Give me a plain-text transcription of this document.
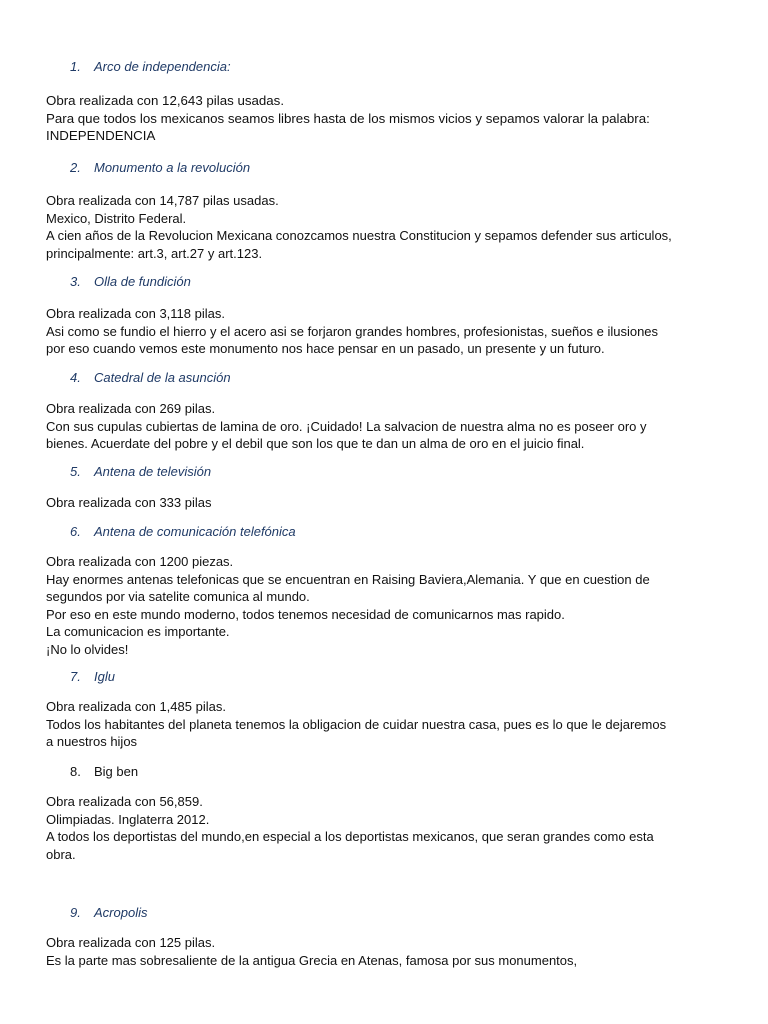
1. Arco de independencia:

Obra realizada con 12,643 pilas usadas.

Para que todos los mexicanos seamos libres hasta de los mismos vicios y sepamos valorar la palabra:

INDEPENDENCIA

2. Monumento a la revolución

Obra realizada con 14,787 pilas usadas.

Mexico, Distrito Federal.

A cien años de la Revolucion Mexicana conozcamos nuestra Constitucion y sepamos defender sus articulos,

principalmente: art.3, art.27 y art.123.

3. Olla de fundición

Obra realizada con 3,118 pilas.

Asi como se fundio el hierro y el acero asi se forjaron grandes hombres, profesionistas, sueños e ilusiones

por eso cuando vemos este monumento nos hace pensar en un pasado, un presente y un futuro.

4. Catedral de la asunción

Obra realizada con 269 pilas.

Con sus cupulas cubiertas de lamina de oro. ¡Cuidado! La salvacion de nuestra alma no es poseer oro y

bienes. Acuerdate del pobre y el debil que son los que te dan un alma de oro en el juicio final.

5. Antena de televisión

Obra realizada con 333 pilas

6. Antena de comunicación telefónica

Obra realizada con 1200 piezas.

Hay enormes antenas telefonicas que se encuentran en Raising Baviera,Alemania. Y que en cuestion de

segundos por via satelite comunica al mundo.

Por eso en este mundo moderno, todos tenemos necesidad de comunicarnos mas rapido.

La comunicacion es importante.

¡No lo olvides!

7. Iglu

Obra realizada con 1,485 pilas.

Todos los habitantes del planeta tenemos la obligacion de cuidar nuestra casa, pues es lo que le dejaremos

a nuestros hijos

8. Big ben

Obra realizada con 56,859.

Olimpiadas. Inglaterra 2012.

A todos los deportistas del mundo,en especial a los deportistas mexicanos, que seran grandes como esta

obra.

9. Acropolis

Obra realizada con 125 pilas.

Es la parte mas sobresaliente de la antigua Grecia en Atenas, famosa por sus monumentos,
